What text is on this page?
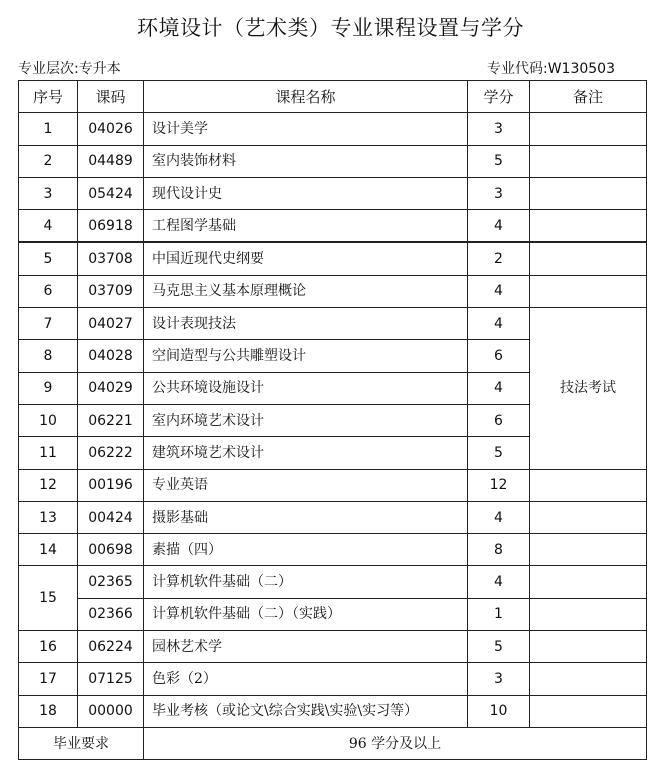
环境设计（艺术类）专业课程设置与学分
专业层次:专升本	专业代码:W130503
序号	课码	课程名称	学分	备注
1	04026	设计美学	3	
2	04489	室内装饰材料	5	
3	05424	现代设计史	3	
4	06918	工程图学基础	4	
5	03708	中国近现代史纲要	2	
6	03709	马克思主义基本原理概论	4	
7	04027	设计表现技法	4	技法考试
8	04028	空间造型与公共雕塑设计	6	
9	04029	公共环境设施设计	4	
10	06221	室内环境艺术设计	6	
11	06222	建筑环境艺术设计	5	
12	00196	专业英语	12	
13	00424	摄影基础	4	
14	00698	素描（四）	8	
15	02365	计算机软件基础（二）	4	
	02366	计算机软件基础（二）（实践）	1	
16	06224	园林艺术学	5	
17	07125	色彩（2）	3	
18	00000	毕业考核（或论文\综合实践\实验\实习等）	10	
毕业要求		96 学分及以上		
